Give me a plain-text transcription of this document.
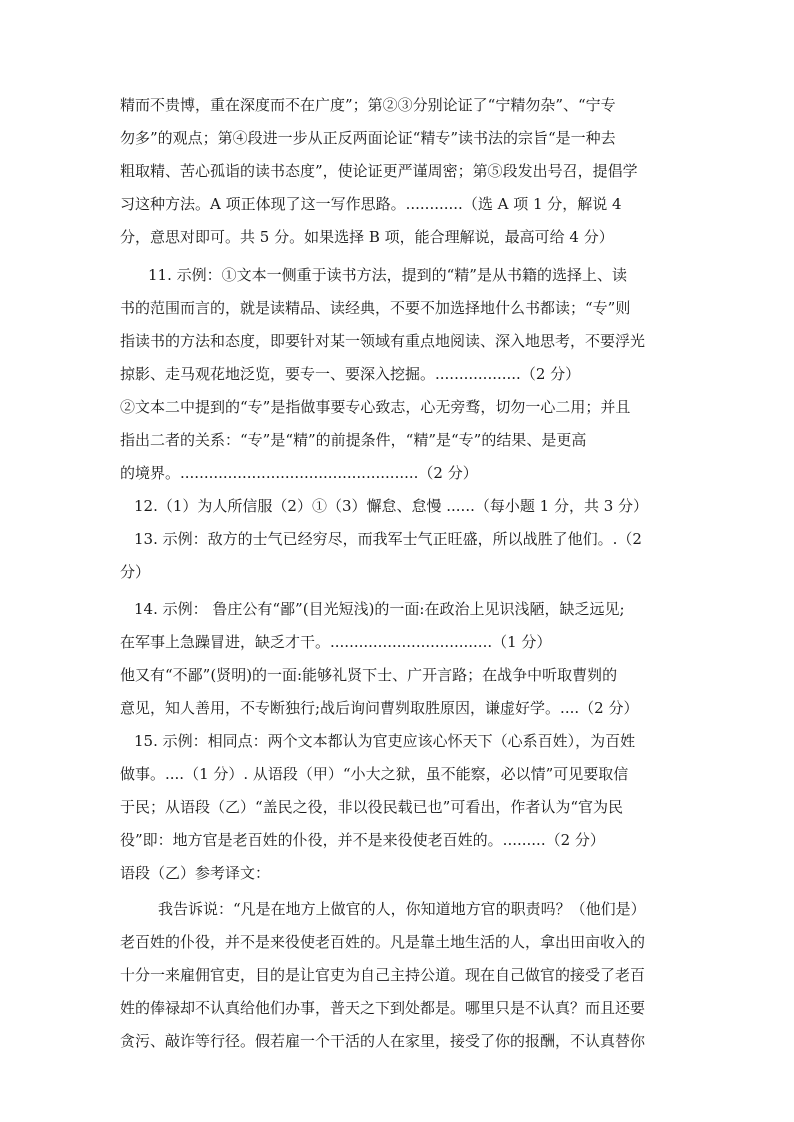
精而不贵博，重在深度而不在广度”；第②③分别论证了“宁精勿杂”、“宁专
勿多”的观点；第④段进一步从正反两面论证“精专”读书法的宗旨“是一种去
粗取精、苦心孤诣的读书态度”，使论证更严谨周密；第⑤段发出号召，提倡学
习这种方法。A 项正体现了这一写作思路。............（选 A 项 1 分，解说 4
分，意思对即可。共 5 分。如果选择 B 项，能合理解说，最高可给 4 分）
11. 示例：①文本一侧重于读书方法，提到的“精”是从书籍的选择上、读
书的范围而言的，就是读精品、读经典，不要不加选择地什么书都读；“专”则
指读书的方法和态度，即要针对某一领域有重点地阅读、深入地思考，不要浮光
掠影、走马观花地泛览，要专一、要深入挖掘。..................（2 分）
②文本二中提到的“专”是指做事要专心致志，心无旁骛，切勿一心二用；并且
指出二者的关系：“专”是“精”的前提条件，“精”是“专”的结果、是更高
的境界。..................................................（2 分）
12.（1）为人所信服（2）①（3）懈怠、怠慢 ......（每小题 1 分，共 3 分）
13. 示例：敌方的士气已经穷尽，而我军士气正旺盛，所以战胜了他们。.（2
分）
14. 示例： 鲁庄公有“鄙”(目光短浅)的一面:在政治上见识浅陋，缺乏远见;
在军事上急躁冒进，缺乏才干。..................................（1 分）
他又有“不鄙”(贤明)的一面:能够礼贤下士、广开言路；在战争中听取曹刿的
意见，知人善用，不专断独行;战后询问曹刿取胜原因，谦虚好学。....（2 分）
15. 示例：相同点：两个文本都认为官吏应该心怀天下（心系百姓），为百姓
做事。....（1 分）. 从语段（甲）“小大之狱，虽不能察，必以情”可见要取信
于民；从语段（乙）“盖民之役，非以役民载已也”可看出，作者认为“官为民
役”即：地方官是老百姓的仆役，并不是来役使老百姓的。.........（2 分）
语段（乙）参考译文：
我告诉说：“凡是在地方上做官的人，你知道地方官的职责吗？（他们是）
老百姓的仆役，并不是来役使老百姓的。凡是靠土地生活的人，拿出田亩收入的
十分一来雇佣官吏，目的是让官吏为自己主持公道。现在自己做官的接受了老百
姓的俸禄却不认真给他们办事，普天之下到处都是。哪里只是不认真？而且还要
贪污、敲诈等行径。假若雇一个干活的人在家里，接受了你的报酬，不认真替你
